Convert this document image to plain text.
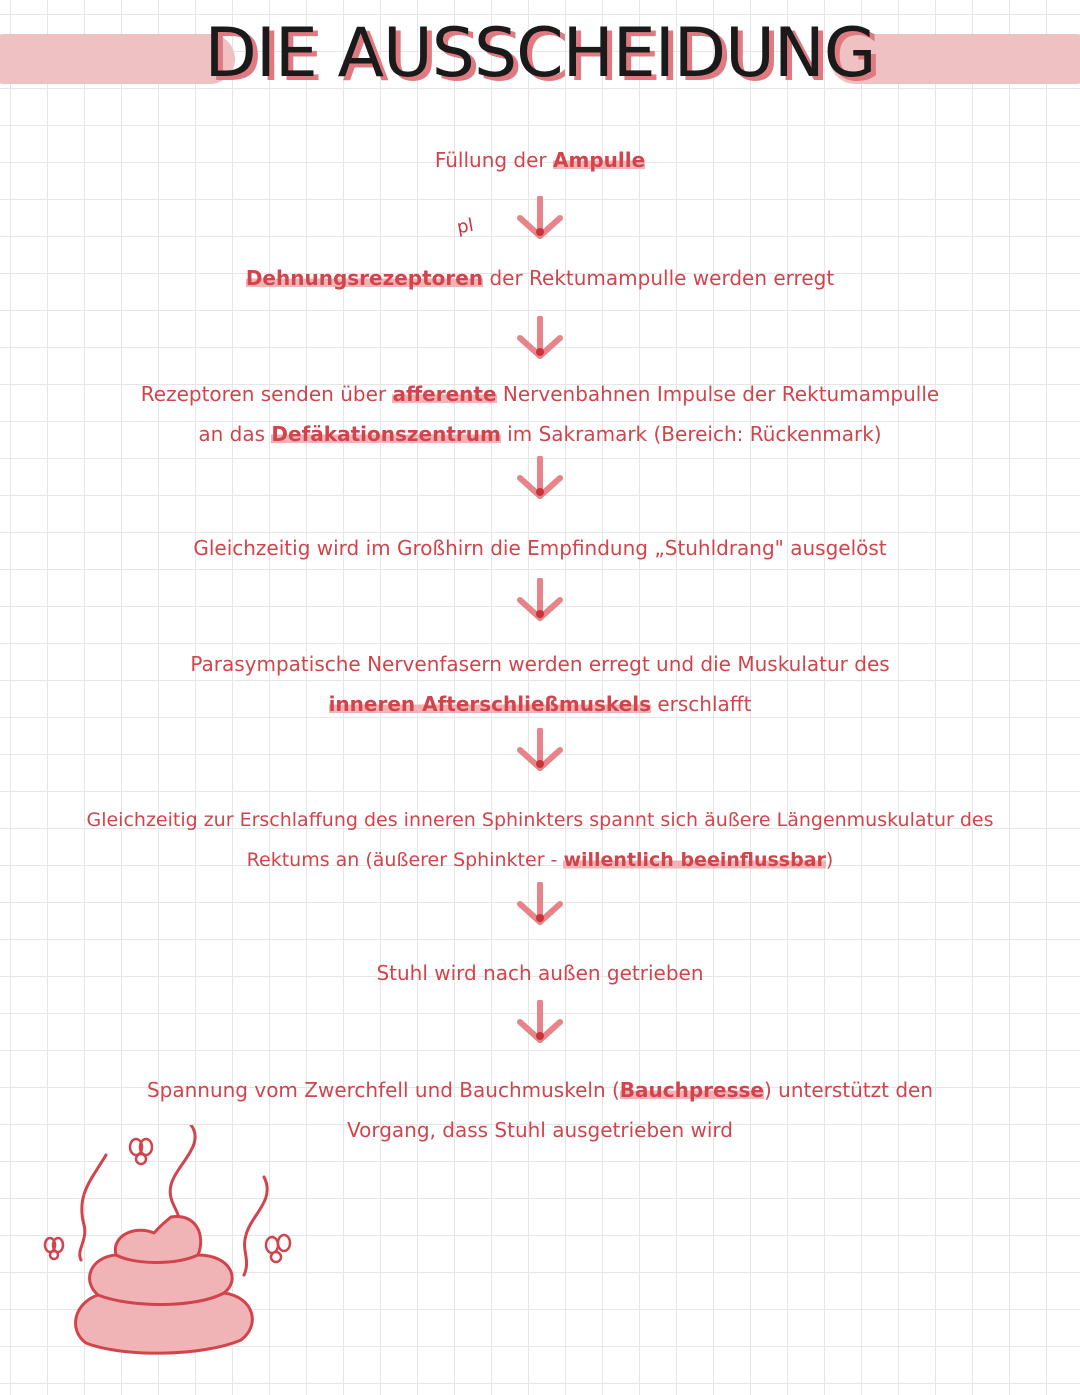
DIE AUSSCHEIDUNG
pl

Füllung der Ampulle

Dehnungsrezeptoren der Rektumampulle werden erregt

Rezeptoren senden über afferente Nervenbahnen Impulse der Rektumampulle
an das Defäkationszentrum im Sakramark (Bereich: Rückenmark)

Gleichzeitig wird im Großhirn die Empfindung „Stuhldrang" ausgelöst

Parasympatische Nervenfasern werden erregt und die Muskulatur des
inneren Afterschließmuskels erschlafft
Gleichzeitig zur Erschlaffung des inneren Sphinkters spannt sich äußere Längenmuskulatur des
Rektums an (äußerer Sphinkter - willentlich beeinflussbar)

Stuhl wird nach außen getrieben

Spannung vom Zwerchfell und Bauchmuskeln (Bauchpresse) unterstützt den
Vorgang, dass Stuhl ausgetrieben wird
